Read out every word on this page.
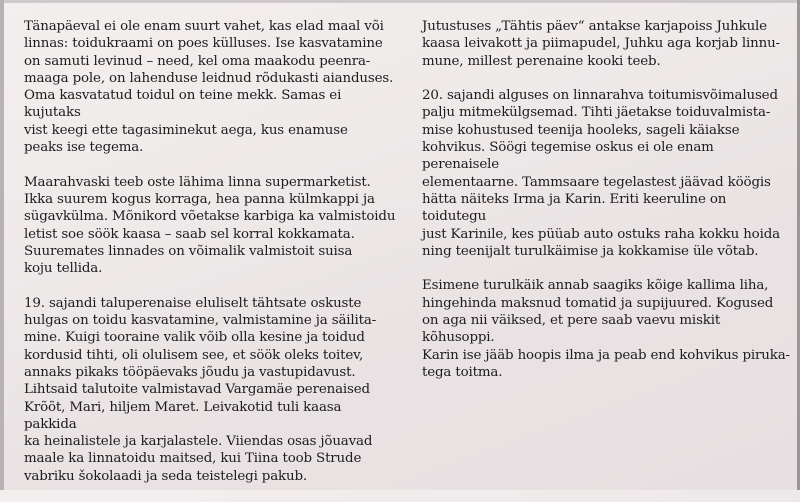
Tänapäeval ei ole enam suurt vahet, kas elad maal või
linnas: toidukraami on poes külluses. Ise kasvatamine
on samuti levinud – need, kel oma maakodu peenra-
maaga pole, on lahenduse leidnud rõdukasti aianduses.
Oma kasvatatud toidul on teine mekk. Samas ei kujutaks
vist keegi ette tagasiminekut aega, kus enamuse
peaks ise tegema.

Maarahvaski teeb oste lähima linna supermarketist.
Ikka suurem kogus korraga, hea panna külmkappi ja
sügavkülma. Mõnikord võetakse karbiga ka valmistoidu
letist soe söök kaasa – saab sel korral kokkamata.
Suuremates linnades on võimalik valmistoit suisa
koju tellida.

19. sajandi taluperenaise eluliselt tähtsate oskuste
hulgas on toidu kasvatamine, valmistamine ja säilita-
mine. Kuigi tooraine valik võib olla kesine ja toidud
kordusid tihti, oli olulisem see, et söök oleks toitev,
annaks pikaks tööpäevaks jõudu ja vastupidavust.
Lihtsaid talutoite valmistavad Vargamäe perenaised
Krõõt, Mari, hiljem Maret. Leivakotid tuli kaasa pakkida
ka heinalistele ja karjalastele. Viiendas osas jõuavad
maale ka linnatoidu maitsed, kui Tiina toob Strude
vabriku šokolaadi ja seda teistelegi pakub.

Jutustuses „Tähtis päev“ antakse karjapoiss Juhkule
kaasa leivakott ja piimapudel, Juhku aga korjab linnu-
mune, millest perenaine kooki teeb.

20. sajandi alguses on linnarahva toitumisvõimalused
palju mitmekülgsemad. Tihti jäetakse toiduvalmista-
mise kohustused teenija hooleks, sageli käiakse
kohvikus. Söögi tegemise oskus ei ole enam perenaisele
elementaarne. Tammsaare tegelastest jäävad köögis
hätta näiteks Irma ja Karin. Eriti keeruline on toidutegu
just Karinile, kes püüab auto ostuks raha kokku hoida
ning teenijalt turulkäimise ja kokkamise üle võtab.

Esimene turulkäik annab saagiks kõige kallima liha,
hingehinda maksnud tomatid ja supijuured. Kogused
on aga nii väiksed, et pere saab vaevu miskit kõhusoppi.
Karin ise jääb hoopis ilma ja peab end kohvikus piruka-
tega toitma.
